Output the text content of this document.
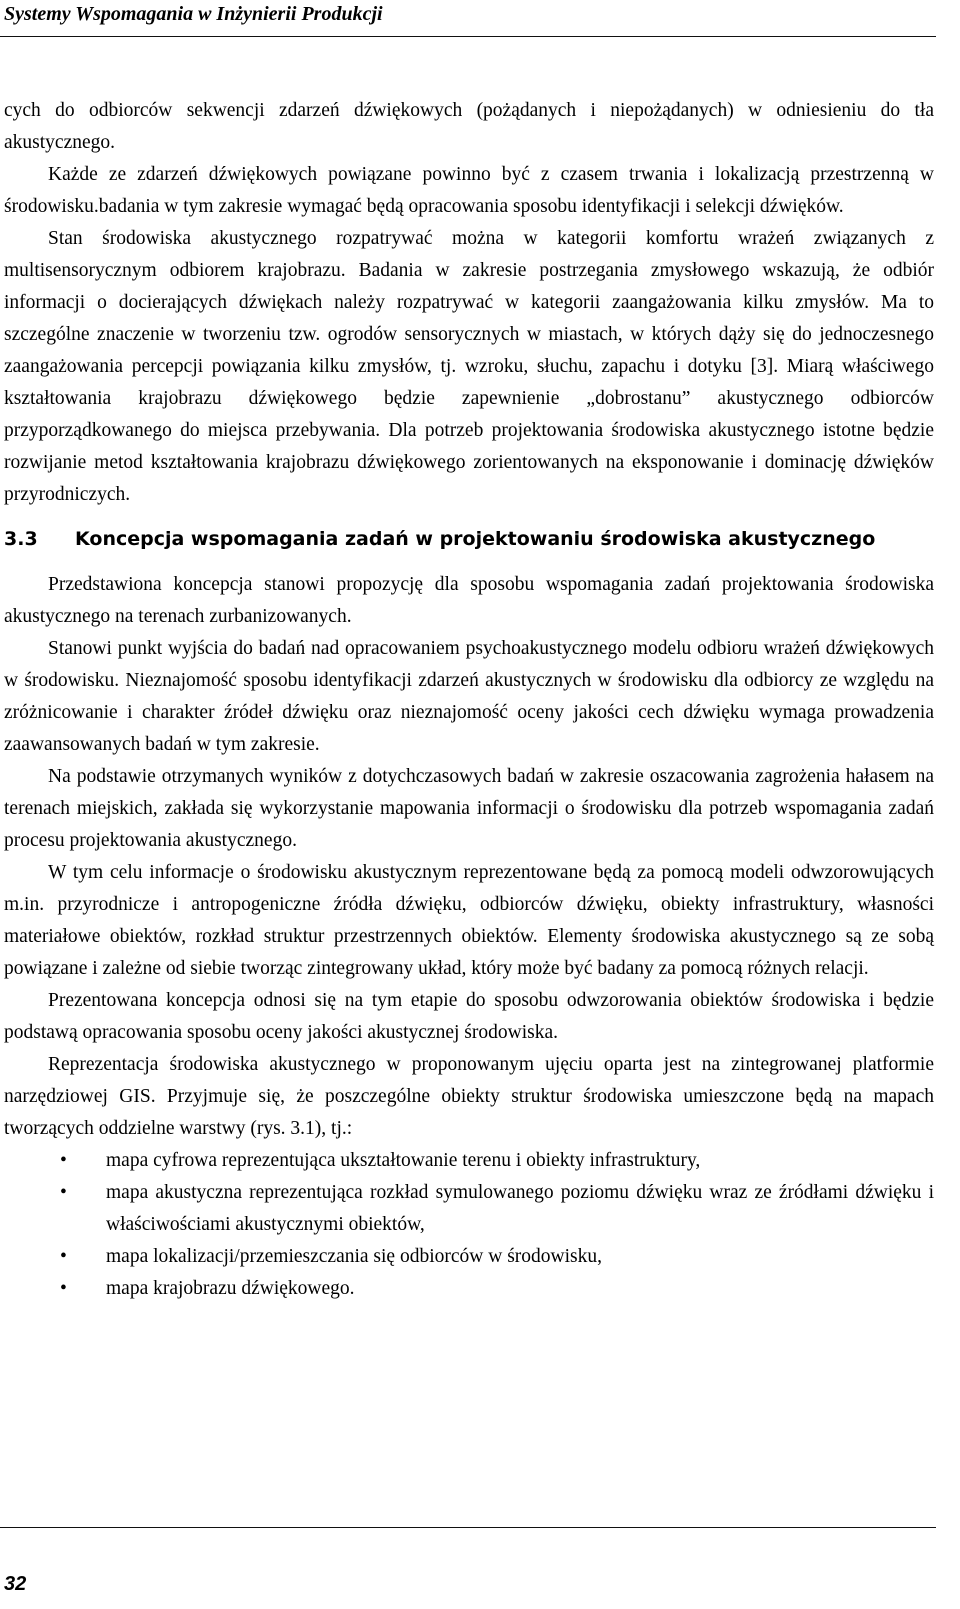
Systemy Wspomagania w Inżynierii Produkcji

cych do odbiorców sekwencji zdarzeń dźwiękowych (pożądanych i niepożądanych) w odniesieniu do tła akustycznego.

Każde ze zdarzeń dźwiękowych powiązane powinno być z czasem trwania i lokalizacją przestrzenną w środowisku.badania w tym zakresie wymagać będą opracowania sposobu identyfikacji i selekcji dźwięków.

Stan środowiska akustycznego rozpatrywać można w kategorii komfortu wrażeń związanych z multisensorycznym odbiorem krajobrazu. Badania w zakresie postrzegania zmysłowego wskazują, że odbiór informacji o docierających dźwiękach należy rozpatrywać w kategorii zaangażowania kilku zmysłów. Ma to szczególne znaczenie w tworzeniu tzw. ogrodów sensorycznych w miastach, w których dąży się do jednoczesnego zaangażowania percepcji powiązania kilku zmysłów, tj. wzroku, słuchu, zapachu i dotyku [3]. Miarą właściwego kształtowania krajobrazu dźwiękowego będzie zapewnienie „dobrostanu” akustycznego odbiorców przyporządkowanego do miejsca przebywania. Dla potrzeb projektowania środowiska akustycznego istotne będzie rozwijanie metod kształtowania krajobrazu dźwiękowego zorientowanych na eksponowanie i dominację dźwięków przyrodniczych.

3.3	Koncepcja wspomagania zadań w projektowaniu środowiska akustycznego

Przedstawiona koncepcja stanowi propozycję dla sposobu wspomagania zadań projektowania środowiska akustycznego na terenach zurbanizowanych.

Stanowi punkt wyjścia do badań nad opracowaniem psychoakustycznego modelu odbioru wrażeń dźwiękowych w środowisku. Nieznajomość sposobu identyfikacji zdarzeń akustycznych w środowisku dla odbiorcy ze względu na zróżnicowanie i charakter źródeł dźwięku oraz nieznajomość oceny jakości cech dźwięku wymaga prowadzenia zaawansowanych badań w tym zakresie.

Na podstawie otrzymanych wyników z dotychczasowych badań w zakresie oszacowania zagrożenia hałasem na terenach miejskich, zakłada się wykorzystanie mapowania informacji o środowisku dla potrzeb wspomagania zadań procesu projektowania akustycznego.

W tym celu informacje o środowisku akustycznym reprezentowane będą za pomocą modeli odwzorowujących m.in. przyrodnicze i antropogeniczne źródła dźwięku, odbiorców dźwięku, obiekty infrastruktury, własności materiałowe obiektów, rozkład struktur przestrzennych obiektów. Elementy środowiska akustycznego są ze sobą powiązane i zależne od siebie tworząc zintegrowany układ, który może być badany za pomocą różnych relacji.

Prezentowana koncepcja odnosi się na tym etapie do sposobu odwzorowania obiektów środowiska i będzie podstawą opracowania sposobu oceny jakości akustycznej środowiska.

Reprezentacja środowiska akustycznego w proponowanym ujęciu oparta jest na zintegrowanej platformie narzędziowej GIS. Przyjmuje się, że poszczególne obiekty struktur środowiska umieszczone będą na mapach tworzących oddzielne warstwy (rys. 3.1), tj.:

• mapa cyfrowa reprezentująca ukształtowanie terenu i obiekty infrastruktury,
• mapa akustyczna reprezentująca rozkład symulowanego poziomu dźwięku wraz ze źródłami dźwięku i właściwościami akustycznymi obiektów,
• mapa lokalizacji/przemieszczania się odbiorców w środowisku,
• mapa krajobrazu dźwiękowego.
32
